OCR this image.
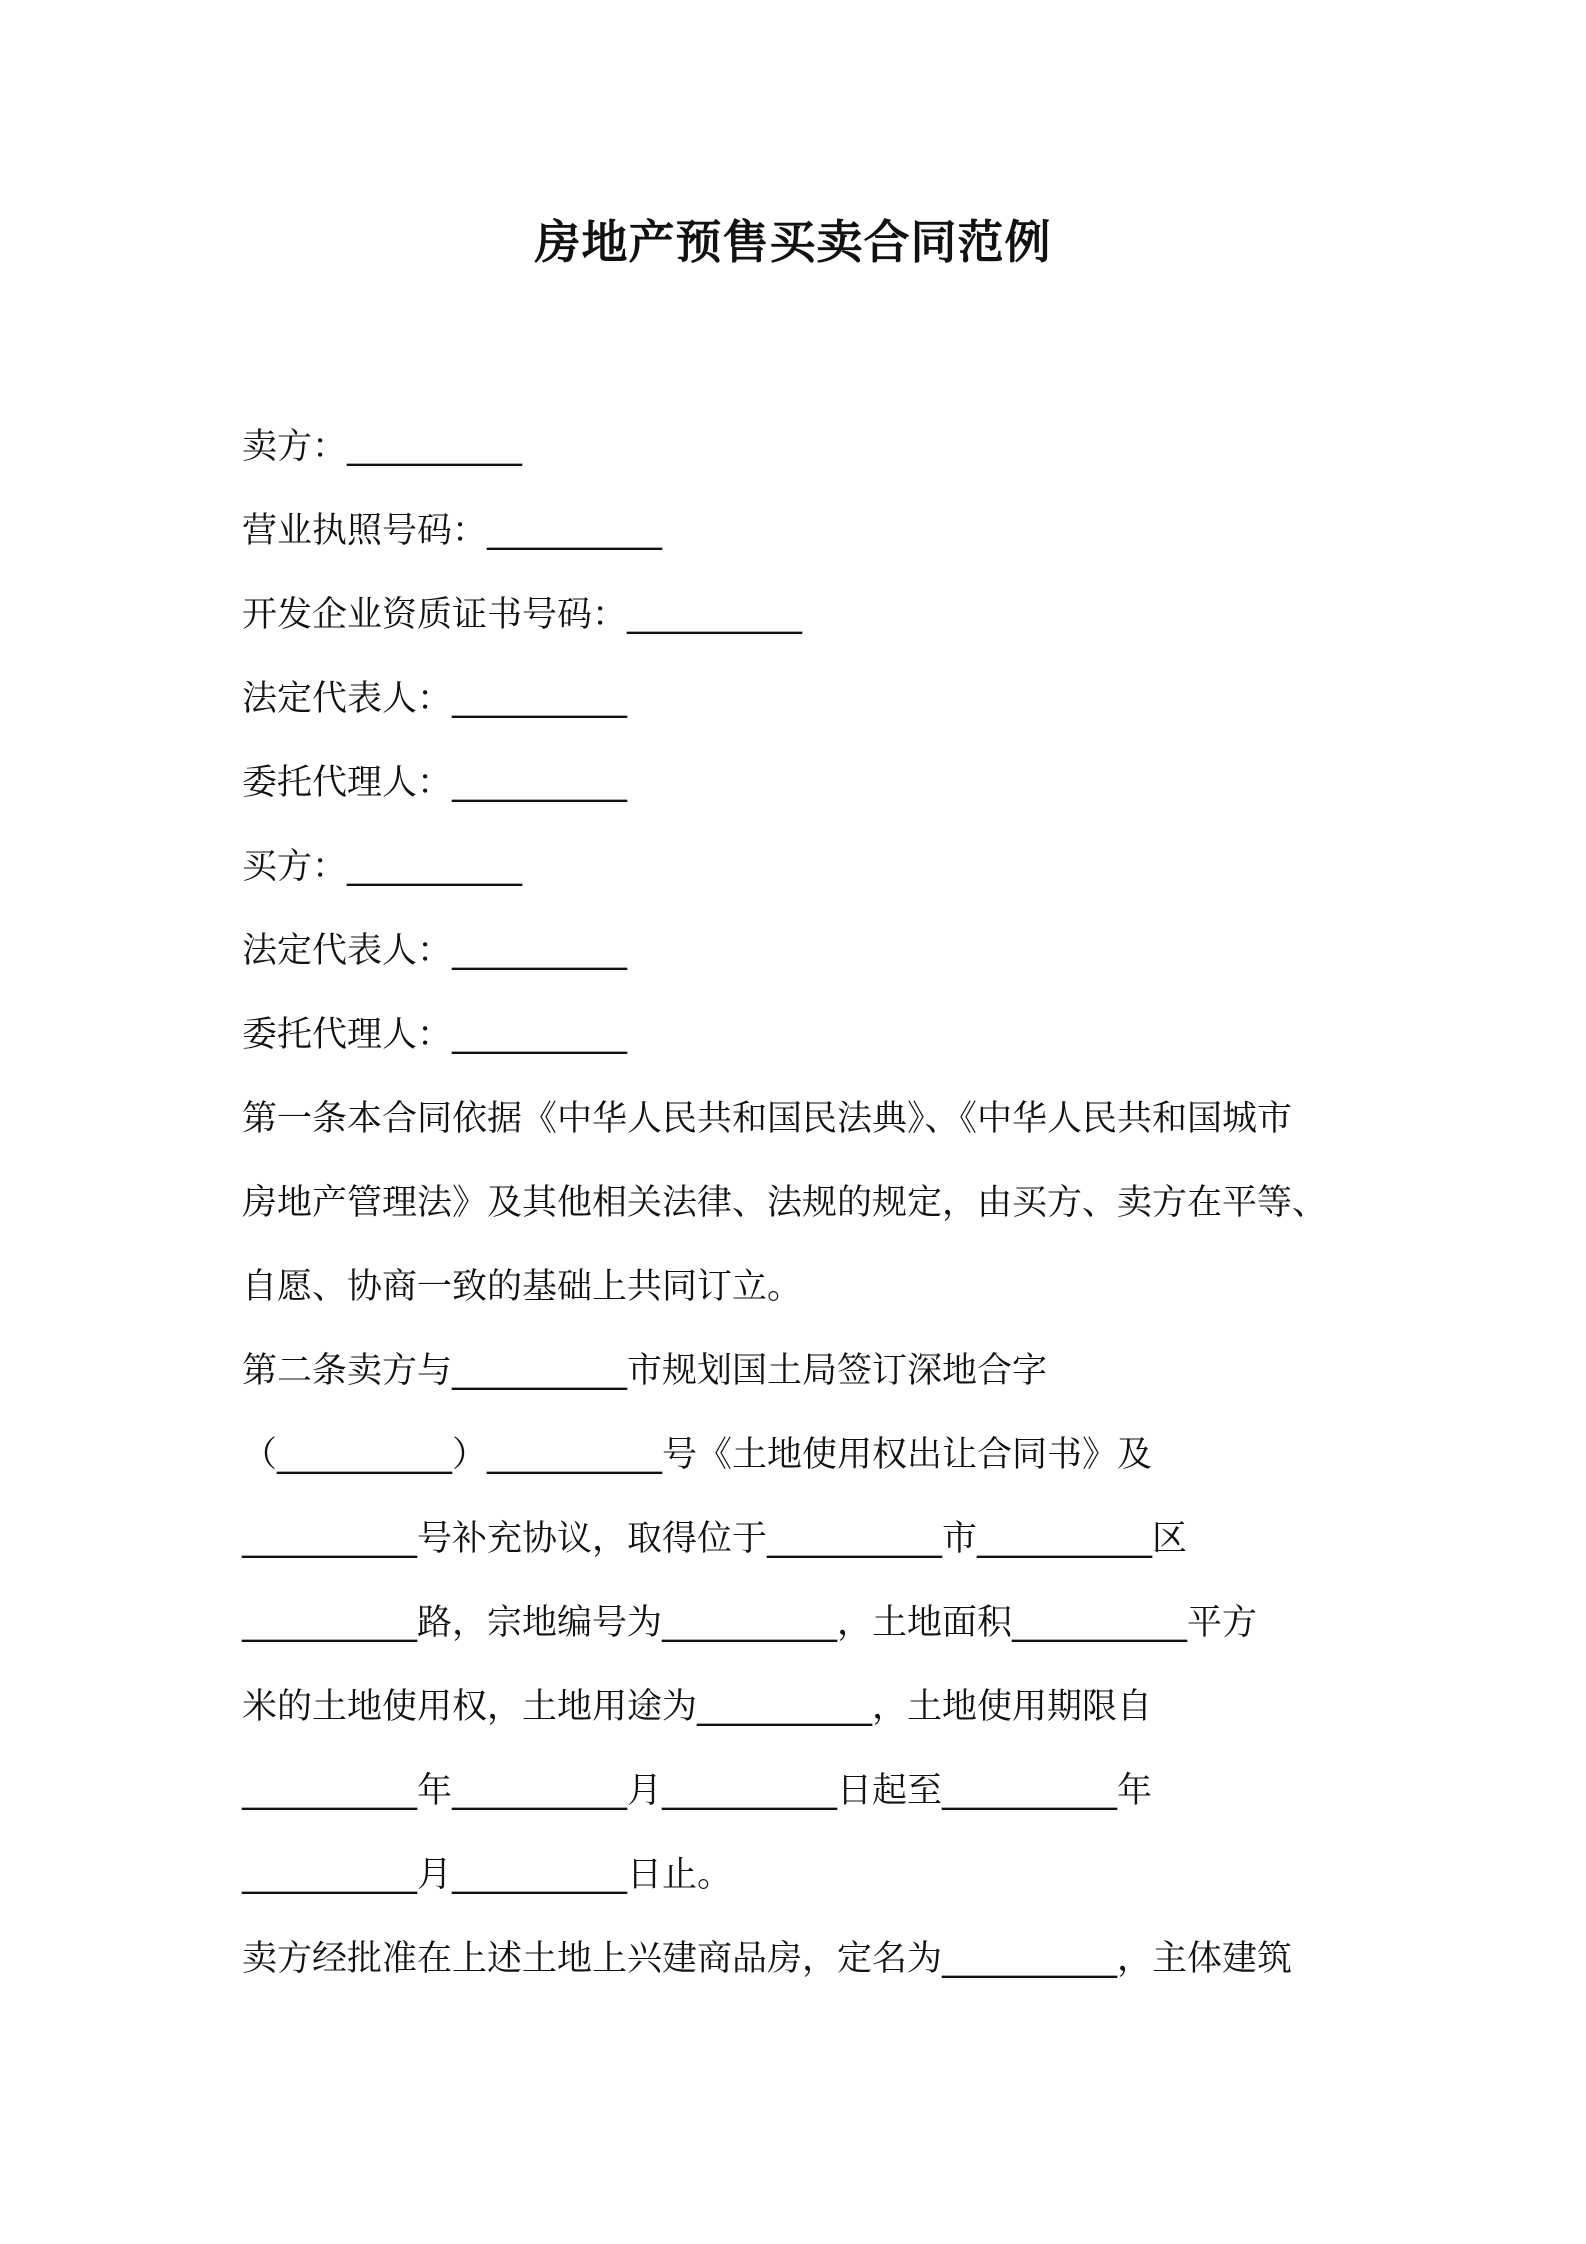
房地产预售买卖合同范例
卖方：__________
营业执照号码：__________
开发企业资质证书号码：__________
法定代表人：__________
委托代理人：__________
买方：__________
法定代表人：__________
委托代理人：__________
第一条本合同依据《中华人民共和国民法典》、《中华人民共和国城市
房地产管理法》及其他相关法律、法规的规定，由买方、卖方在平等、
自愿、协商一致的基础上共同订立。
第二条卖方与__________市规划国土局签订深地合字
（__________）__________号《土地使用权出让合同书》及
__________号补充协议，取得位于__________市__________区
__________路，宗地编号为__________，土地面积__________平方
米的土地使用权，土地用途为__________，土地使用期限自
__________年__________月__________日起至__________年
__________月__________日止。
卖方经批准在上述土地上兴建商品房，定名为__________，主体建筑
